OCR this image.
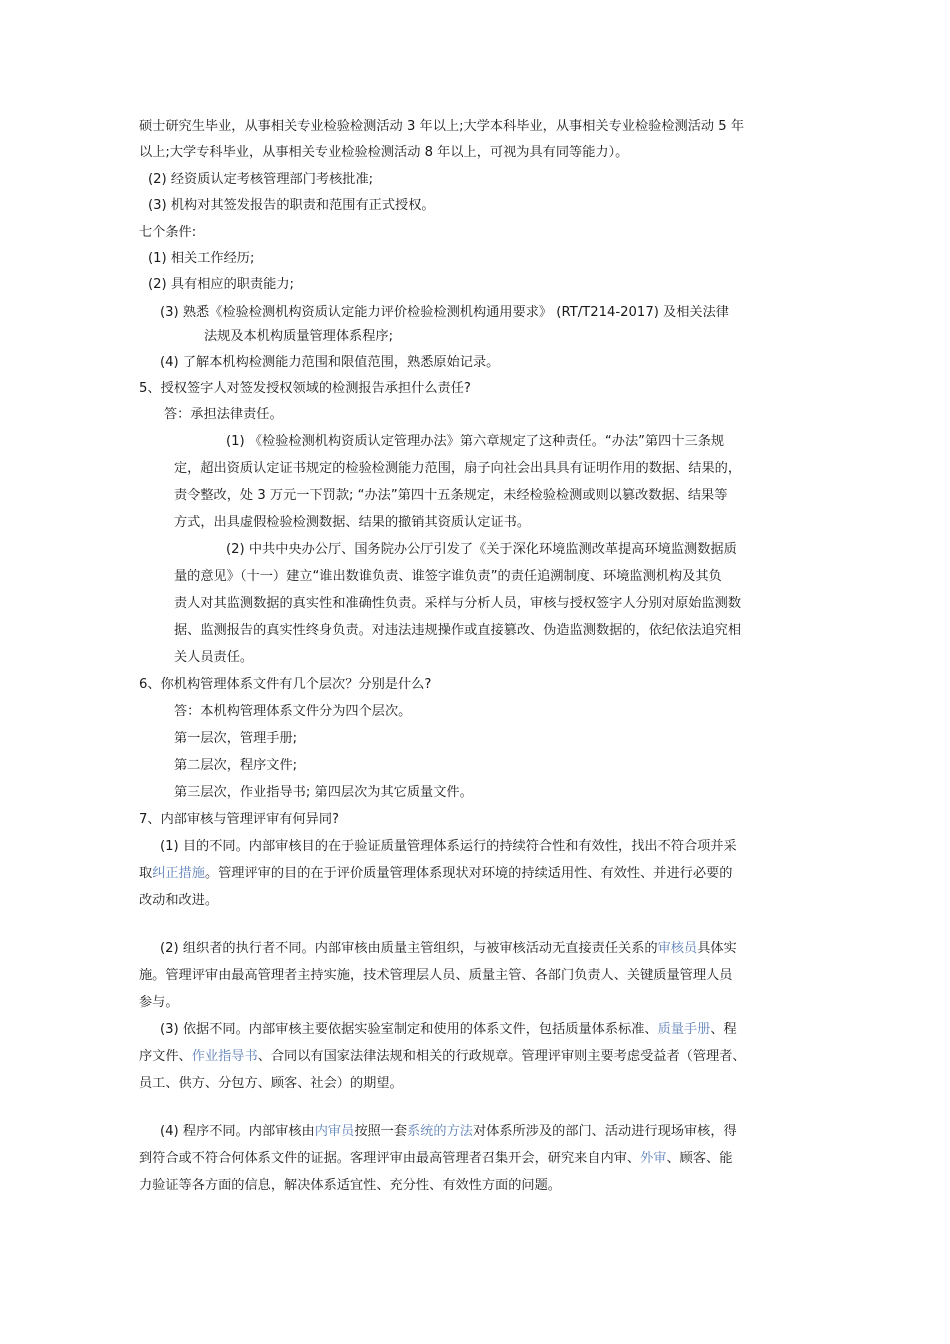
硕士研究生毕业，从事相关专业检验检测活动 3 年以上;大学本科毕业，从事相关专业检验检测活动 5 年
以上;大学专科毕业，从事相关专业检验检测活动 8 年以上，可视为具有同等能力）。
(2) 经资质认定考核管理部门考核批准;
(3) 机构对其签发报告的职责和范围有正式授权。
七个条件:
(1) 相关工作经历;
(2) 具有相应的职责能力;
(3) 熟悉《检验检测机构资质认定能力评价检验检测机构通用要求》 (RT/T214-2017) 及相关法律
法规及本机构质量管理体系程序;
(4) 了解本机构检测能力范围和限值范围，熟悉原始记录。
5、授权签字人对签发授权领域的检测报告承担什么责任?
答：承担法律责任。
(1) 《检验检测机构资质认定管理办法》第六章规定了这种责任。“办法”第四十三条规
定，超出资质认定证书规定的检验检测能力范围，扇子向社会出具具有证明作用的数据、结果的，
责令整改，处 3 万元一下罚款; “办法”第四十五条规定，未经检验检测或则以篡改数据、结果等
方式，出具虚假检验检测数据、结果的撤销其资质认定证书。
(2) 中共中央办公厅、国务院办公厅引发了《关于深化环境监测改革提高环境监测数据质
量的意见》（十一）建立“谁出数谁负责、谁签字谁负责”的责任追溯制度、环境监测机构及其负
责人对其监测数据的真实性和准确性负责。采样与分析人员，审核与授权签字人分别对原始监测数
据、监测报告的真实性终身负责。对违法违规操作或直接篡改、伪造监测数据的，依纪依法追究相
关人员责任。
6、你机构管理体系文件有几个层次？分别是什么?
答：本机构管理体系文件分为四个层次。
第一层次，管理手册;
第二层次，程序文件;
第三层次，作业指导书; 第四层次为其它质量文件。
7、内部审核与管理评审有何异同?
(1) 目的不同。内部审核目的在于验证质量管理体系运行的持续符合性和有效性，找出不符合项并采
取纠正措施。管理评审的目的在于评价质量管理体系现状对环境的持续适用性、有效性、并进行必要的
改动和改进。
(2) 组织者的执行者不同。内部审核由质量主管组织，与被审核活动无直接责任关系的审核员具体实
施。管理评审由最高管理者主持实施，技术管理层人员、质量主管、各部门负责人、关键质量管理人员
参与。
(3) 依据不同。内部审核主要依据实验室制定和使用的体系文件，包括质量体系标准、质量手册、程
序文件、作业指导书、合同以有国家法律法规和相关的行政规章。管理评审则主要考虑受益者（管理者、
员工、供方、分包方、顾客、社会）的期望。
(4) 程序不同。内部审核由内审员按照一套系统的方法对体系所涉及的部门、活动进行现场审核，得
到符合或不符合何体系文件的证据。客理评审由最高管理者召集开会，研究来自内审、外审、顾客、能
力验证等各方面的信息，解决体系适宜性、充分性、有效性方面的问题。
